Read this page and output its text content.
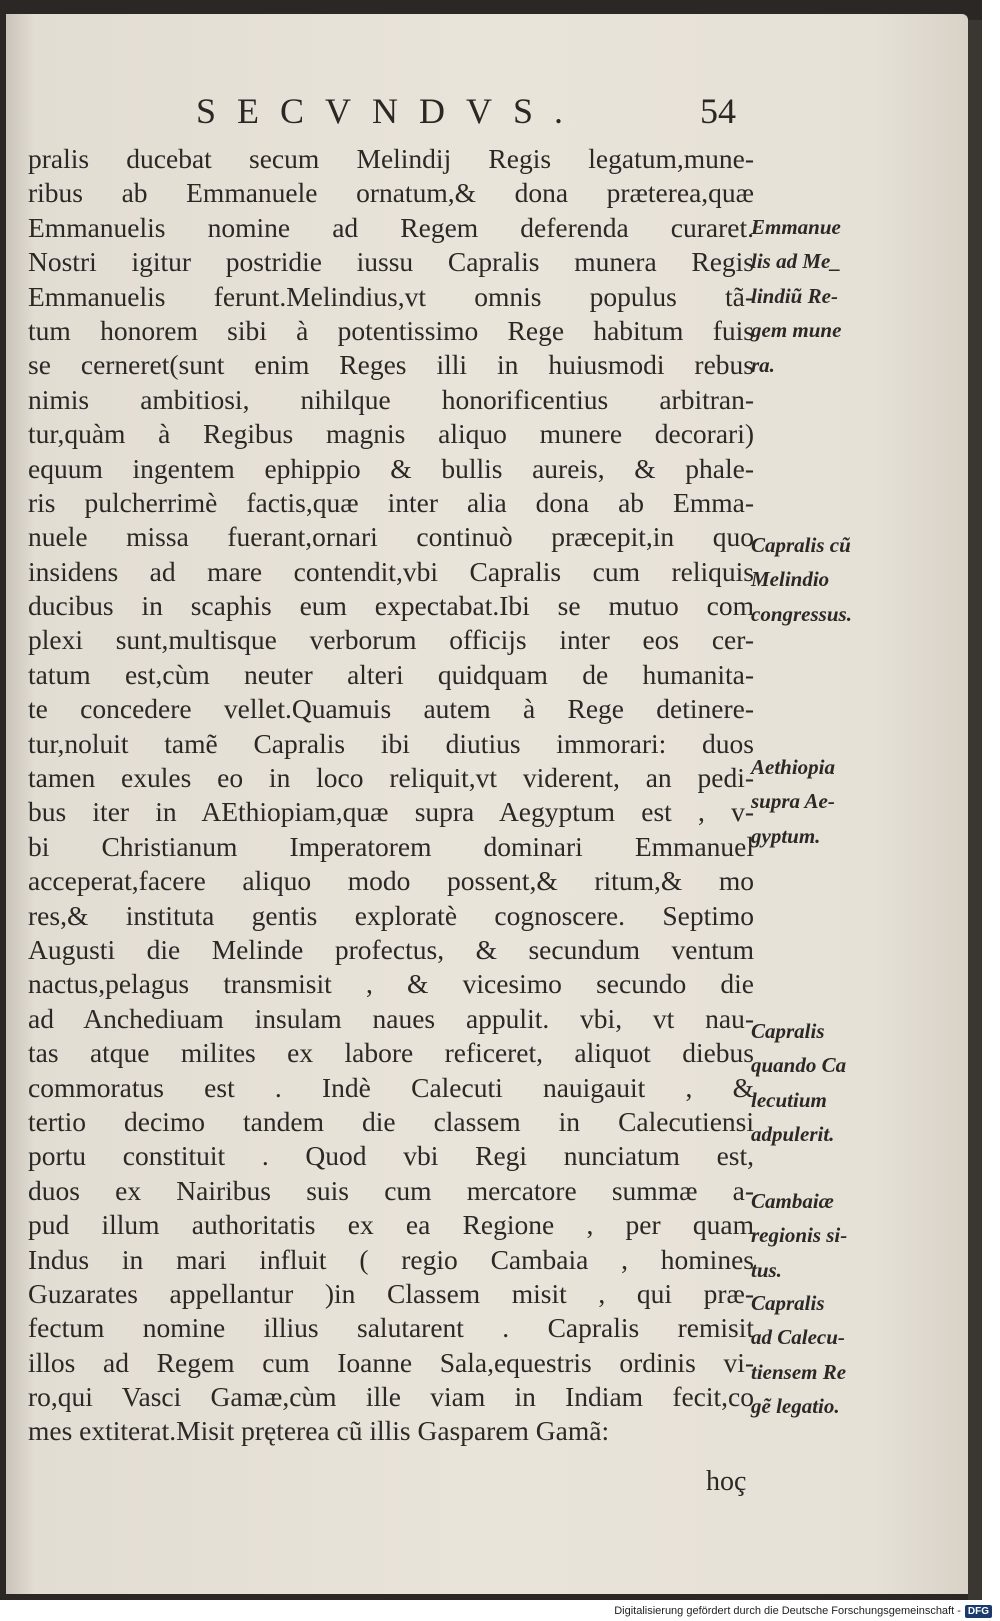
SECVNDVS.	54
pralis ducebat secum Melindij Regis legatum,mune-
ribus ab Emmanuele ornatum,& dona præterea,quæ
Emmanuelis nomine ad Regem deferenda curaret.
Nostri igitur postridie iussu Capralis munera Regis
Emmanuelis ferunt.Melindius,vt omnis populus tã-
tum honorem sibi à potentissimo Rege habitum fuis
se cerneret(sunt enim Reges illi in huiusmodi rebus
nimis ambitiosi, nihilque honorificentius arbitran-
tur,quàm à Regibus magnis aliquo munere decorari)
equum ingentem ephippio & bullis aureis, & phale-
ris pulcherrimè factis,quæ inter alia dona ab Emma-
nuele missa fuerant,ornari continuò præcepit,in quo
insidens ad mare contendit,vbi Capralis cum reliquis
ducibus in scaphis eum expectabat.Ibi se mutuo com
plexi sunt,multisque verborum officijs inter eos cer-
tatum est,cùm neuter alteri quidquam de humanita-
te concedere vellet.Quamuis autem à Rege detinere-
tur,noluit tamẽ Capralis ibi diutius immorari: duos
tamen exules eo in loco reliquit,vt viderent, an pedi-
bus iter in AEthiopiam,quæ supra Aegyptum est , v-
bi Christianum Imperatorem dominari Emmanuel
acceperat,facere aliquo modo possent,& ritum,& mo
res,& instituta gentis exploratè cognoscere. Septimo
Augusti die Melinde profectus, & secundum ventum
nactus,pelagus transmisit , & vicesimo secundo die
ad Anchediuam insulam naues appulit. vbi, vt nau-
tas atque milites ex labore reficeret, aliquot diebus
commoratus est . Indè Calecuti nauigauit , &
tertio decimo tandem die classem in Calecutiensi
portu constituit . Quod vbi Regi nunciatum est,
duos ex Nairibus suis cum mercatore summæ a-
pud illum authoritatis ex ea Regione , per quam
Indus in mari influit ( regio Cambaia , homines
Guzarates appellantur )in Classem misit , qui præ-
fectum nomine illius salutarent . Capralis remisit
illos ad Regem cum Ioanne Sala,equestris ordinis vi-
ro,qui Vasci Gamæ,cùm ille viam in Indiam fecit,co
mes extiterat.Misit pręterea cũ illis Gasparem Gamã:
Emmanue
lis ad Me_
lindiũ Re-
gem mune
ra.
Capralis cũ
Melindio
congressus.
Aethiopia
supra Ae-
gyptum.
Capralis
quando Ca
lecutium
adpulerit.
Cambaiæ
regionis si-
tus.
Capralis
ad Calecu-
tiensem Re
gẽ legatio.
hoç
Digitalisierung gefördert durch die Deutsche Forschungsgemeinschaft - DFG
